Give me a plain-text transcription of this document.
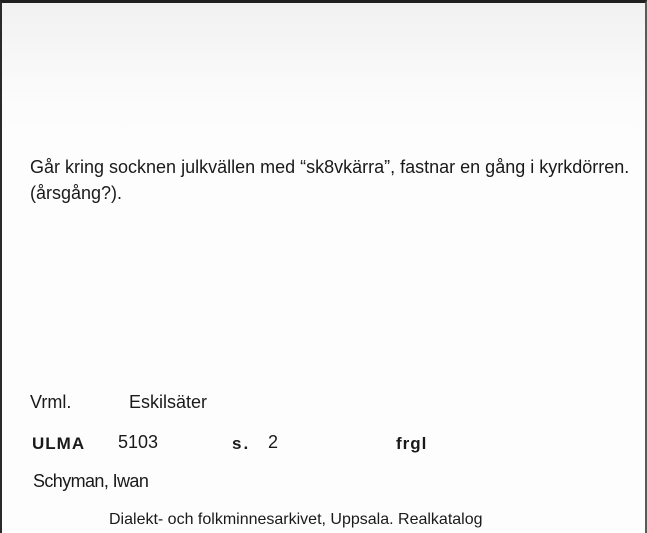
Går kring socknen julkvällen med “sk8vkärra”, fastnar en gång i kyrkdörren. (årsgång?).

Vrml.	Eskilsäter
ULMA 5103	s. 2	frgl
Schyman, Iwan
Dialekt- och folkminnesarkivet, Uppsala. Realkatalog
